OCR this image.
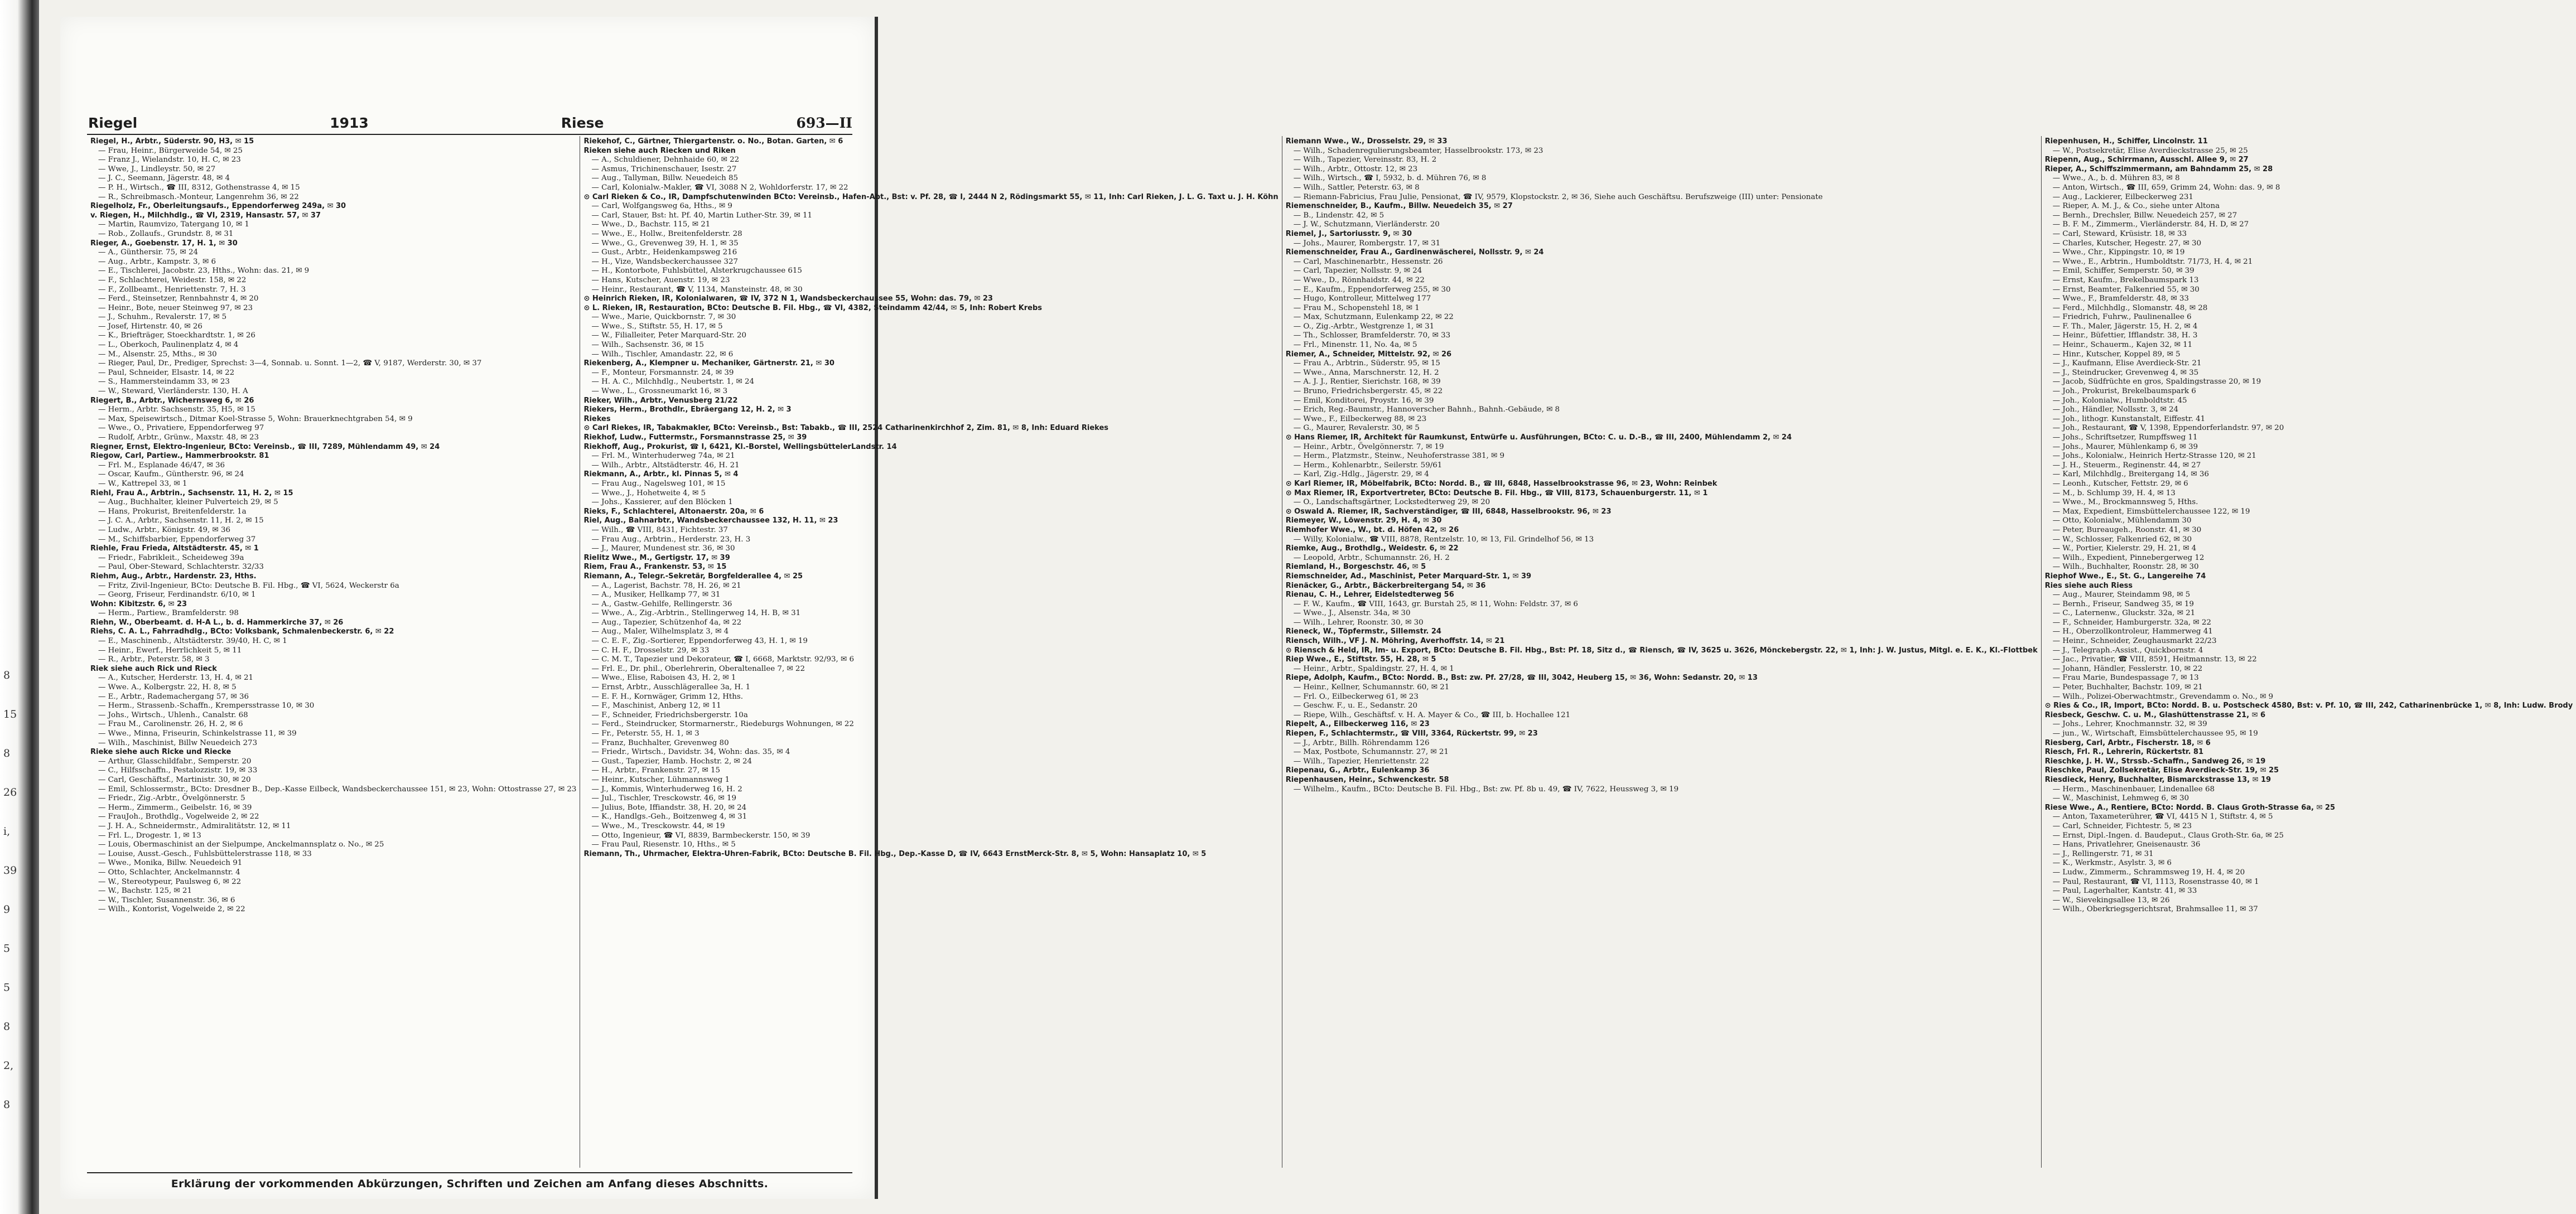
8
15
8
26
i,
39
9
5
5
8
2,
8
Riegel	1913	Riese	693—II

Riegel, H., Arbtr., Süderstr. 90, H3, ✉ 15

— Frau, Heinr., Bürgerweide 54, ✉ 25

— Franz J., Wielandstr. 10, H. C, ✉ 23

— Wwe, J., Lindleystr. 50, ✉ 27

— J. C., Seemann, Jägerstr. 48, ✉ 4

— P. H., Wirtsch., ☎ III, 8312, Gothenstrasse 4, ✉ 15

— R., Schreibmasch.-Monteur, Langenrehm 36, ✉ 22

Riegelholz, Fr., Oberleitungsaufs., Eppendorferweg 249a, ✉ 30

v. Riegen, H., Milchhdlg., ☎ VI, 2319, Hansastr. 57, ✉ 37

— Martin, Raumvizo, Tatergang 10, ✉ 1

— Rob., Zollaufs., Grundstr. 8, ✉ 31

Rieger, A., Goebenstr. 17, H. 1, ✉ 30

— A., Günthersir. 75, ✉ 24

— Aug., Arbtr., Kampstr. 3, ✉ 6

— E., Tischlerei, Jacobstr. 23, Hths., Wohn: das. 21, ✉ 9

— F., Schlachterei, Weidestr. 158, ✉ 22

— F., Zollbeamt., Henriettenstr. 7, H. 3

— Ferd., Steinsetzer, Rennbahnstr 4, ✉ 20

— Heinr., Bote, neuer Steinweg 97, ✉ 23

— J., Schuhm., Revalerstr. 17, ✉ 5

— Josef, Hirtenstr. 40, ✉ 26

— K., Briefträger, Stoeckhardtstr. 1, ✉ 26

— L., Oberkoch, Paulinenplatz 4, ✉ 4

— M., Alsenstr. 25, Mths., ✉ 30

— Rieger, Paul, Dr., Prediger, Sprechst: 3—4, Sonnab. u. Sonnt. 1—2, ☎ V, 9187, Werderstr. 30, ✉ 37

— Paul, Schneider, Elsastr. 14, ✉ 22

— S., Hammersteindamm 33, ✉ 23

— W., Steward, Vierländerstr. 130, H. A

Riegert, B., Arbtr., Wichernsweg 6, ✉ 26

— Herm., Arbtr. Sachsenstr. 35, H5, ✉ 15

— Max, Speisewirtsch., Ditmar Koel-Strasse 5, Wohn: Brauerknechtgraben 54, ✉ 9

— Wwe., O., Privatiere, Eppendorferweg 97

— Rudolf, Arbtr., Grünw., Maxstr. 48, ✉ 23

Riegner, Ernst, Elektro-Ingenieur, BCto: Vereinsb., ☎ III, 7289, Mühlendamm 49, ✉ 24

Riegow, Carl, Partiew., Hammerbrookstr. 81

— Frl. M., Esplanade 46/47, ✉ 36

— Oscar, Kaufm., Güntherstr. 96, ✉ 24

— W., Kattrepel 33, ✉ 1

Riehl, Frau A., Arbtrin., Sachsenstr. 11, H. 2, ✉ 15

— Aug., Buchhalter, kleiner Pulverteich 29, ✉ 5

— Hans, Prokurist, Breitenfelderstr. 1a

— J. C. A., Arbtr., Sachsenstr. 11, H. 2, ✉ 15

— Ludw., Arbtr., Königstr. 49, ✉ 36

— M., Schiffsbarbier, Eppendorferweg 37

Riehle, Frau Frieda, Altstädterstr. 45, ✉ 1

— Friedr., Fabrikleit., Scheideweg 39a

— Paul, Ober-Steward, Schlachterstr. 32/33

Riehm, Aug., Arbtr., Hardenstr. 23, Hths.

— Fritz, Zivil-Ingenieur, BCto: Deutsche B. Fil. Hbg., ☎ VI, 5624, Weckerstr 6a

— Georg, Friseur, Ferdinandstr. 6/10, ✉ 1

Wohn: Kibitzstr. 6, ✉ 23

— Herm., Partiew., Bramfelderstr. 98

Riehn, W., Oberbeamt. d. H-A L., b. d. Hammerkirche 37, ✉ 26

Riehs, C. A. L., Fahrradhdlg., BCto: Volksbank, Schmalenbeckerstr. 6, ✉ 22

— E., Maschinenb., Altstädterstr. 39/40, H. C, ✉ 1

— Heinr., Ewerf., Herrlichkeit 5, ✉ 11

— R., Arbtr., Peterstr. 58, ✉ 3

Riek siehe auch Rick und Rieck

— A., Kutscher, Herderstr. 13, H. 4, ✉ 21

— Wwe. A., Kolbergstr. 22, H. 8, ✉ 5

— E., Arbtr., Rademachergang 57, ✉ 36

— Herm., Strassenb.-Schaffn., Krempersstrasse 10, ✉ 30

— Johs., Wirtsch., Uhlenh., Canalstr. 68

— Frau M., Carolinenstr. 26, H. 2, ✉ 6

— Wwe., Minna, Friseurin, Schinkelstrasse 11, ✉ 39

— Wilh., Maschinist, Billw Neuedeich 273

Rieke siehe auch Ricke und Riecke

— Arthur, Glasschildfabr., Semperstr. 20

— C., Hilfsschaffn., Pestalozzistr. 19, ✉ 33

— Carl, Geschäftsf., Martinistr. 30, ✉ 20

— Emil, Schlossermstr., BCto: Dresdner B., Dep.-Kasse Eilbeck, Wandsbeckerchaussee 151, ✉ 23, Wohn: Ottostrasse 27, ✉ 23

— Friedr., Zig.-Arbtr., Övelgönnerstr. 5

— Herm., Zimmerm., Geibelstr. 16, ✉ 39

— FrauJoh., Brothdlg., Vogelweide 2, ✉ 22

— J. H. A., Schneidermstr., Admiralitätstr. 12, ✉ 11

— Frl. L., Drogestr. 1, ✉ 13

— Louis, Obermaschinist an der Sielpumpe, Anckelmannsplatz o. No., ✉ 25

— Louise, Ausst.-Gesch., Fuhlsbüttelerstrasse 118, ✉ 33

— Wwe., Monika, Billw. Neuedeich 91

— Otto, Schlachter, Anckelmannstr. 4

— W., Stereotypeur, Paulsweg 6, ✉ 22

— W., Bachstr. 125, ✉ 21

— W., Tischler, Susannenstr. 36, ✉ 6

— Wilh., Kontorist, Vogelweide 2, ✉ 22

Riekehof, C., Gärtner, Thiergartenstr. o. No., Botan. Garten, ✉ 6

Rieken siehe auch Riecken und Riken

— A., Schuldiener, Dehnhaide 60, ✉ 22

— Asmus, Trichinenschauer, Isestr. 27

— Aug., Tallyman, Billw. Neuedeich 85

— Carl, Kolonialw.-Makler, ☎ VI, 3088 N 2, Wohldorferstr. 17, ✉ 22

⊙ Carl Rieken & Co., IR, Dampfschutenwinden BCto: Vereinsb., Hafen-Abt., Bst: v. Pf. 28, ☎ I, 2444 N 2, Rödingsmarkt 55, ✉ 11, Inh: Carl Rieken, J. L. G. Taxt u. J. H. Köhn

— Carl, Wolfgangsweg 6a, Hths., ✉ 9

— Carl, Stauer, Bst: ht. Pf. 40, Martin Luther-Str. 39, ✉ 11

— Wwe., D., Bachstr. 115, ✉ 21

— Wwe., E., Hollw., Breitenfelderstr. 28

— Wwe., G., Grevenweg 39, H. 1, ✉ 35

— Gust., Arbtr., Heidenkampsweg 216

— H., Vize, Wandsbeckerchaussee 327

— H., Kontorbote, Fuhlsbüttel, Alsterkrugchaussee 615

— Hans, Kutscher, Auenstr. 19, ✉ 23

— Heinr., Restaurant, ☎ V, 1134, Mansteinstr. 48, ✉ 30

⊙ Heinrich Rieken, IR, Kolonialwaren, ☎ IV, 372 N 1, Wandsbeckerchaussee 55, Wohn: das. 79, ✉ 23

⊙ L. Rieken, IR, Restauration, BCto: Deutsche B. Fil. Hbg., ☎ VI, 4382, Steindamm 42/44, ✉ 5, Inh: Robert Krebs

— Wwe., Marie, Quickbornstr. 7, ✉ 30

— Wwe., S., Stiftstr. 55, H. 17, ✉ 5

— W., Filialleiter, Peter Marquard-Str. 20

— Wilh., Sachsenstr. 36, ✉ 15

— Wilh., Tischler, Amandastr. 22, ✉ 6

Riekenberg, A., Klempner u. Mechaniker, Gärtnerstr. 21, ✉ 30

— F., Monteur, Forsmannstr. 24, ✉ 39

— H. A. C., Milchhdlg., Neubertstr. 1, ✉ 24

— Wwe., L., Grossneumarkt 16, ✉ 3

Rieker, Wilh., Arbtr., Venusberg 21/22

Riekers, Herm., Brothdlr., Ebräergang 12, H. 2, ✉ 3

Riekes

⊙ Carl Riekes, IR, Tabakmakler, BCto: Vereinsb., Bst: Tabakb., ☎ III, 2524 Catharinenkirchhof 2, Zim. 81, ✉ 8, Inh: Eduard Riekes

Riekhof, Ludw., Futtermstr., Forsmannstrasse 25, ✉ 39

Riekhoff, Aug., Prokurist, ☎ I, 6421, Kl.-Borstel, WellingsbüttelerLandstr. 14

— Frl. M., Winterhuderweg 74a, ✉ 21

— Wilh., Arbtr., Altstädterstr. 46, H. 21

Riekmann, A., Arbtr., kl. Pinnas 5, ✉ 4

— Frau Aug., Nagelsweg 101, ✉ 15

— Wwe., J., Hohetweite 4, ✉ 5

— Johs., Kassierer, auf den Blöcken 1

Rieks, F., Schlachterei, Altonaerstr. 20a, ✉ 6

Riel, Aug., Bahnarbtr., Wandsbeckerchaussee 132, H. 11, ✉ 23

— Wilh., ☎ VIII, 8431, Fichtestr. 37

— Frau Aug., Arbtrin., Herderstr. 23, H. 3

— J., Maurer, Mundenest str. 36, ✉ 30

Rielitz Wwe., M., Gertigstr. 17, ✉ 39

Riem, Frau A., Frankenstr. 53, ✉ 15

Riemann, A., Telegr.-Sekretär, Borgfelderallee 4, ✉ 25

— A., Lagerist, Bachstr. 78, H. 26, ✉ 21

— A., Musiker, Hellkamp 77, ✉ 31

— A., Gastw.-Gehilfe, Rellingerstr. 36

— Wwe., A., Zig.-Arbtrin., Stellingerweg 14, H. B, ✉ 31

— Aug., Tapezier, Schützenhof 4a, ✉ 22

— Aug., Maler, Wilhelmsplatz 3, ✉ 4

— C. E. F., Zig.-Sortierer, Eppendorferweg 43, H. 1, ✉ 19

— C. H. F., Drosselstr. 29, ✉ 33

— C. M. T., Tapezier und Dekorateur, ☎ I, 6668, Marktstr. 92/93, ✉ 6

— Frl. E., Dr. phil., Oberlehrerin, Oberaltenallee 7, ✉ 22

— Wwe., Elise, Raboisen 43, H. 2, ✉ 1

— Ernst, Arbtr., Ausschlägerallee 3a, H. 1

— E. F. H., Kornwäger, Grimm 12, Hths.

— F., Maschinist, Anberg 12, ✉ 11

— F., Schneider, Friedrichsbergerstr. 10a

— Ferd., Steindrucker, Stormarnerstr., Riedeburgs Wohnungen, ✉ 22

— Fr., Peterstr. 55, H. 1, ✉ 3

— Franz, Buchhalter, Grevenweg 80

— Friedr., Wirtsch., Davidstr. 34, Wohn: das. 35, ✉ 4

— Gust., Tapezier, Hamb. Hochstr. 2, ✉ 24

— H., Arbtr., Frankenstr. 27, ✉ 15

— Heinr., Kutscher, Lühmannsweg 1

— J., Kommis, Winterhuderweg 16, H. 2

— Jul., Tischler, Tresckowstr. 46, ✉ 19

— Julius, Bote, Iffiandstr. 38, H. 20, ✉ 24

— K., Handlgs.-Geh., Boitzenweg 4, ✉ 31

— Wwe., M., Tresckowstr. 44, ✉ 19

— Otto, Ingenieur, ☎ VI, 8839, Barmbeckerstr. 150, ✉ 39

— Frau Paul, Riesenstr. 10, Hths., ✉ 5

Riemann, Th., Uhrmacher, Elektra-Uhren-Fabrik, BCto: Deutsche B. Fil. Hbg., Dep.-Kasse D, ☎ IV, 6643 ErnstMerck-Str. 8, ✉ 5, Wohn: Hansaplatz 10, ✉ 5

Riemann Wwe., W., Drosselstr. 29, ✉ 33

— Wilh., Schadenregulierungsbeamter, Hasselbrookstr. 173, ✉ 23

— Wilh., Tapezier, Vereinsstr. 83, H. 2

— Wilh., Arbtr., Ottostr. 12, ✉ 23

— Wilh., Wirtsch., ☎ I, 5932, b. d. Mühren 76, ✉ 8

— Wilh., Sattler, Peterstr. 63, ✉ 8

— Riemann-Fabricius, Frau Julie, Pensionat, ☎ IV, 9579, Klopstockstr. 2, ✉ 36, Siehe auch Geschäftsu. Berufszweige (III) unter: Pensionate

Riemenschneider, B., Kaufm., Billw. Neuedeich 35, ✉ 27

— B., Lindenstr. 42, ✉ 5

— J. W., Schutzmann, Vierländerstr. 20

Riemel, J., Sartoriusstr. 9, ✉ 30

— Johs., Maurer, Rombergstr. 17, ✉ 31

Riemenschneider, Frau A., Gardinenwäscherei, Nollsstr. 9, ✉ 24

— Carl, Maschinenarbtr., Hessenstr. 26

— Carl, Tapezier, Nollsstr. 9, ✉ 24

— Wwe., D., Rönnhaidstr. 44, ✉ 22

— E., Kaufm., Eppendorferweg 255, ✉ 30

— Hugo, Kontrolleur, Mittelweg 177

— Frau M., Schopenstehl 18, ✉ 1

— Max, Schutzmann, Eulenkamp 22, ✉ 22

— O., Zig.-Arbtr., Westgrenze 1, ✉ 31

— Th., Schlosser, Bramfelderstr. 70, ✉ 33

— Frl., Minenstr. 11, No. 4a, ✉ 5

Riemer, A., Schneider, Mittelstr. 92, ✉ 26

— Frau A., Arbtrin., Süderstr. 95, ✉ 15

— Wwe., Anna, Marschnerstr. 12, H. 2

— A. J. J., Rentier, Sierichstr. 168, ✉ 39

— Bruno, Friedrichsbergerstr. 45, ✉ 22

— Emil, Konditorei, Proystr. 16, ✉ 39

— Erich, Reg.-Baumstr., Hannoverscher Bahnh., Bahnh.-Gebäude, ✉ 8

— Wwe., F., Eilbeckerweg 88, ✉ 23

— G., Maurer, Revalerstr. 30, ✉ 5

⊙ Hans Riemer, IR, Architekt für Raumkunst, Entwürfe u. Ausführungen, BCto: C. u. D.-B., ☎ III, 2400, Mühlendamm 2, ✉ 24

— Heinr., Arbtr., Övelgönnerstr. 7, ✉ 19

— Herm., Platzmstr., Steinw., Neuhoferstrasse 381, ✉ 9

— Herm., Kohlenarbtr., Seilerstr. 59/61

— Karl, Zig.-Hdlg., Jägerstr. 29, ✉ 4

⊙ Karl Riemer, IR, Möbelfabrik, BCto: Nordd. B., ☎ III, 6848, Hasselbrookstrasse 96, ✉ 23, Wohn: Reinbek

⊙ Max Riemer, IR, Exportvertreter, BCto: Deutsche B. Fil. Hbg., ☎ VIII, 8173, Schauenburgerstr. 11, ✉ 1

— O., Landschaftsgärtner, Lockstedterweg 29, ✉ 20

⊙ Oswald A. Riemer, IR, Sachverständiger, ☎ III, 6848, Hasselbrookstr. 96, ✉ 23

Riemeyer, W., Löwenstr. 29, H. 4, ✉ 30

Riemhofer Wwe., W., bt. d. Höfen 42, ✉ 26

— Willy, Kolonialw., ☎ VIII, 8878, Rentzelstr. 10, ✉ 13, Fil. Grindelhof 56, ✉ 13

Riemke, Aug., Brothdlg., Weidestr. 6, ✉ 22

— Leopold, Arbtr., Schumannstr. 26, H. 2

Riemland, H., Borgeschstr. 46, ✉ 5

Riemschneider, Ad., Maschinist, Peter Marquard-Str. 1, ✉ 39

Rienäcker, G., Arbtr., Bäckerbreitergang 54, ✉ 36

Rienau, C. H., Lehrer, Eidelstedterweg 56

— F. W., Kaufm., ☎ VIII, 1643, gr. Burstah 25, ✉ 11, Wohn: Feldstr. 37, ✉ 6

— Wwe., J., Alsenstr. 34a, ✉ 30

— Wilh., Lehrer, Roonstr. 30, ✉ 30

Rieneck, W., Töpfermstr., Sillemstr. 24

Riensch, Wilh., VF J. N. Möhring, Averhoffstr. 14, ✉ 21

⊙ Riensch & Held, IR, Im- u. Export, BCto: Deutsche B. Fil. Hbg., Bst: Pf. 18, Sitz d., ☎ Riensch, ☎ IV, 3625 u. 3626, Mönckebergstr. 22, ✉ 1, Inh: J. W. Justus, Mitgl. e. E. K., Kl.-Flottbek

Riep Wwe., E., Stiftstr. 55, H. 28, ✉ 5

— Heinr., Arbtr., Spaldingstr. 27, H. 4, ✉ 1

Riepe, Adolph, Kaufm., BCto: Nordd. B., Bst: zw. Pf. 27/28, ☎ III, 3042, Heuberg 15, ✉ 36, Wohn: Sedanstr. 20, ✉ 13

— Heinr., Kellner, Schumannstr. 60, ✉ 21

— Frl. O., Eilbeckerweg 61, ✉ 23

— Geschw. F., u. E., Sedanstr. 20

— Riepe, Wilh., Geschäftsf. v. H. A. Mayer & Co., ☎ III, b. Hochallee 121

Riepelt, A., Eilbeckerweg 116, ✉ 23

Riepen, F., Schlachtermstr., ☎ VIII, 3364, Rückertstr. 99, ✉ 23

— J., Arbtr., Billh. Röhrendamm 126

— Max, Postbote, Schumannstr. 27, ✉ 21

— Wilh., Tapezier, Henriettenstr. 22

Riepenau, G., Arbtr., Eulenkamp 36

Riepenhausen, Heinr., Schwenckestr. 58

— Wilhelm., Kaufm., BCto: Deutsche B. Fil. Hbg., Bst: zw. Pf. 8b u. 49, ☎ IV, 7622, Heussweg 3, ✉ 19

Riepenhusen, H., Schiffer, Lincolnstr. 11

— W., Postsekretär, Elise Averdieckstrasse 25, ✉ 25

Riepenn, Aug., Schirrmann, Ausschl. Allee 9, ✉ 27

Rieper, A., Schiffszimmermann, am Bahndamm 25, ✉ 28

— Wwe., A., b. d. Mühren 83, ✉ 8

— Anton, Wirtsch., ☎ III, 659, Grimm 24, Wohn: das. 9, ✉ 8

— Aug., Lackierer, Eilbeckerweg 231

— Rieper, A. M. J., & Co., siehe unter Altona

— Bernh., Drechsler, Billw. Neuedeich 257, ✉ 27

— B. F. M., Zimmerm., Vierländerstr. 84, H. D, ✉ 27

— Carl, Steward, Krüsistr. 18, ✉ 33

— Charles, Kutscher, Hegestr. 27, ✉ 30

— Wwe., Chr., Kippingstr. 10, ✉ 19

— Wwe., E., Arbtrin., Humboldtstr. 71/73, H. 4, ✉ 21

— Emil, Schiffer, Semperstr. 50, ✉ 39

— Ernst, Kaufm., Brekelbaumspark 13

— Ernst, Beamter, Falkenried 55, ✉ 30

— Wwe., F., Bramfelderstr. 48, ✉ 33

— Ferd., Milchhdlg., Slomanstr. 48, ✉ 28

— Friedrich, Fuhrw., Paulinenallee 6

— F. Th., Maler, Jägerstr. 15, H. 2, ✉ 4

— Heinr., Büfettier, Ifflandstr. 38, H. 3

— Heinr., Schauerm., Kajen 32, ✉ 11

— Hinr., Kutscher, Koppel 89, ✉ 5

— J., Kaufmann, Elise Averdieck-Str. 21

— J., Steindrucker, Grevenweg 4, ✉ 35

— Jacob, Südfrüchte en gros, Spaldingstrasse 20, ✉ 19

— Joh., Prokurist, Brekelbaumspark 6

— Joh., Kolonialw., Humboldtstr. 45

— Joh., Händler, Nollsstr. 3, ✉ 24

— Joh., lithogr. Kunstanstalt, Eiffestr. 41

— Joh., Restaurant, ☎ V, 1398, Eppendorferlandstr. 97, ✉ 20

— Johs., Schriftsetzer, Rumpffsweg 11

— Johs., Maurer, Mühlenkamp 6, ✉ 39

— Johs., Kolonialw., Heinrich Hertz-Strasse 120, ✉ 21

— J. H., Steuerm., Reginenstr. 44, ✉ 27

— Karl, Milchhdlg., Breitergang 14, ✉ 36

— Leonh., Kutscher, Fettstr. 29, ✉ 6

— M., b. Schlump 39, H. 4, ✉ 13

— Wwe., M., Brockmannsweg 5, Hths.

— Max, Expedient, Eimsbüttelerchaussee 122, ✉ 19

— Otto, Kolonialw., Mühlendamm 30

— Peter, Bureaugeh., Roonstr. 41, ✉ 30

— W., Schlosser, Falkenried 62, ✉ 30

— W., Portier, Kielerstr. 29, H. 21, ✉ 4

— Wilh., Expedient, Pinnebergerweg 12

— Wilh., Buchhalter, Roonstr. 28, ✉ 30

Riephof Wwe., E., St. G., Langereihe 74

Ries siehe auch Riess

— Aug., Maurer, Steindamm 98, ✉ 5

— Bernh., Friseur, Sandweg 35, ✉ 19

— C., Laternenw., Gluckstr. 32a, ✉ 21

— F., Schneider, Hamburgerstr. 32a, ✉ 22

— H., Oberzollkontroleur, Hammerweg 41

— Heinr., Schneider, Zeughausmarkt 22/23

— J., Telegraph.-Assist., Quickbornstr. 4

— Jac., Privatier, ☎ VIII, 8591, Heitmannstr. 13, ✉ 22

— Johann, Händler, Fesslerstr. 10, ✉ 22

— Frau Marie, Bundespassage 7, ✉ 13

— Peter, Buchhalter, Bachstr. 109, ✉ 21

— Wilh., Polizei-Oberwachtmstr., Grevendamm o. No., ✉ 9

⊙ Ries & Co., IR, Import, BCto: Nordd. B. u. Postscheck 4580, Bst: v. Pf. 10, ☎ III, 242, Catharinenbrücke 1, ✉ 8, Inh: Ludw. Brody

Riesbeck, Geschw. C. u. M., Glashüttenstrasse 21, ✉ 6

— Johs., Lehrer, Knochmannstr. 32, ✉ 39

— jun., W., Wirtschaft, Eimsbüttelerchaussee 95, ✉ 19

Riesberg, Carl, Arbtr., Fischerstr. 18, ✉ 6

Riesch, Frl. R., Lehrerin, Rückertstr. 81

Rieschke, J. H. W., Strssb.-Schaffn., Sandweg 26, ✉ 19

Rieschke, Paul, Zollsekretär, Elise Averdieck-Str. 19, ✉ 25

Riesdieck, Henry, Buchhalter, Bismarckstrasse 13, ✉ 19

— Herm., Maschinenbauer, Lindenallee 68

— W., Maschinist, Lehmweg 6, ✉ 30

Riese Wwe., A., Rentiere, BCto: Nordd. B. Claus Groth-Strasse 6a, ✉ 25

— Anton, Taxameterührer, ☎ VI, 4415 N 1, Stiftstr. 4, ✉ 5

— Carl, Schneider, Fichtestr. 5, ✉ 23

— Ernst, Dipl.-Ingen. d. Baudeput., Claus Groth-Str. 6a, ✉ 25

— Hans, Privatlehrer, Gneisenaustr. 36

— J., Rellingerstr. 71, ✉ 31

— K., Werkmstr., Asylstr. 3, ✉ 6

— Ludw., Zimmerm., Schrammsweg 19, H. 4, ✉ 20

— Paul, Restaurant, ☎ VI, 1113, Rosenstrasse 40, ✉ 1

— Paul, Lagerhalter, Kantstr. 41, ✉ 33

— W., Sievekingsallee 13, ✉ 26

— Wilh., Oberkriegsgerichtsrat, Brahmsallee 11, ✉ 37

Erklärung der vorkommenden Abkürzungen, Schriften und Zeichen am Anfang dieses Abschnitts.
